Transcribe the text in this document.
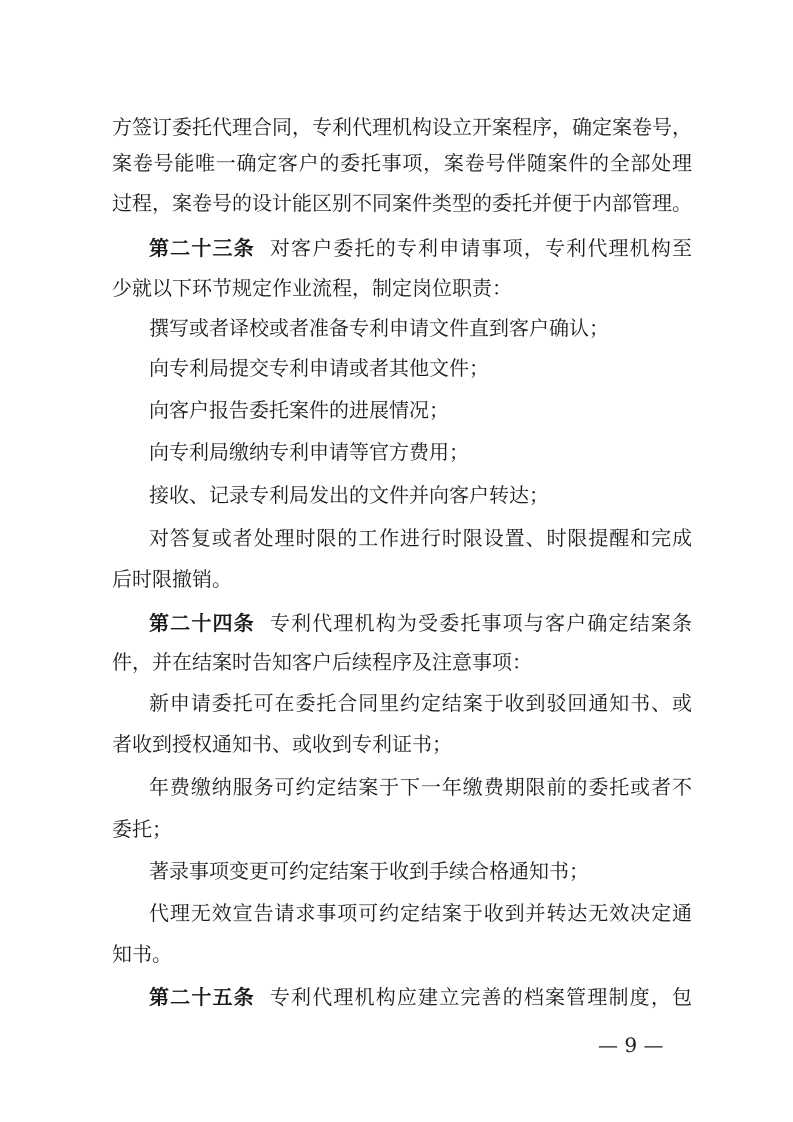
方签订委托代理合同，专利代理机构设立开案程序，确定案卷号，
案卷号能唯一确定客户的委托事项，案卷号伴随案件的全部处理
过程，案卷号的设计能区别不同案件类型的委托并便于内部管理。
第二十三条 对客户委托的专利申请事项，专利代理机构至
少就以下环节规定作业流程，制定岗位职责：
撰写或者译校或者准备专利申请文件直到客户确认；
向专利局提交专利申请或者其他文件；
向客户报告委托案件的进展情况；
向专利局缴纳专利申请等官方费用；
接收、记录专利局发出的文件并向客户转达；
对答复或者处理时限的工作进行时限设置、时限提醒和完成
后时限撤销。
第二十四条 专利代理机构为受委托事项与客户确定结案条
件，并在结案时告知客户后续程序及注意事项：
新申请委托可在委托合同里约定结案于收到驳回通知书、或
者收到授权通知书、或收到专利证书；
年费缴纳服务可约定结案于下一年缴费期限前的委托或者不
委托；
著录事项变更可约定结案于收到手续合格通知书；
代理无效宣告请求事项可约定结案于收到并转达无效决定通
知书。
第二十五条 专利代理机构应建立完善的档案管理制度，包
— 9 —
